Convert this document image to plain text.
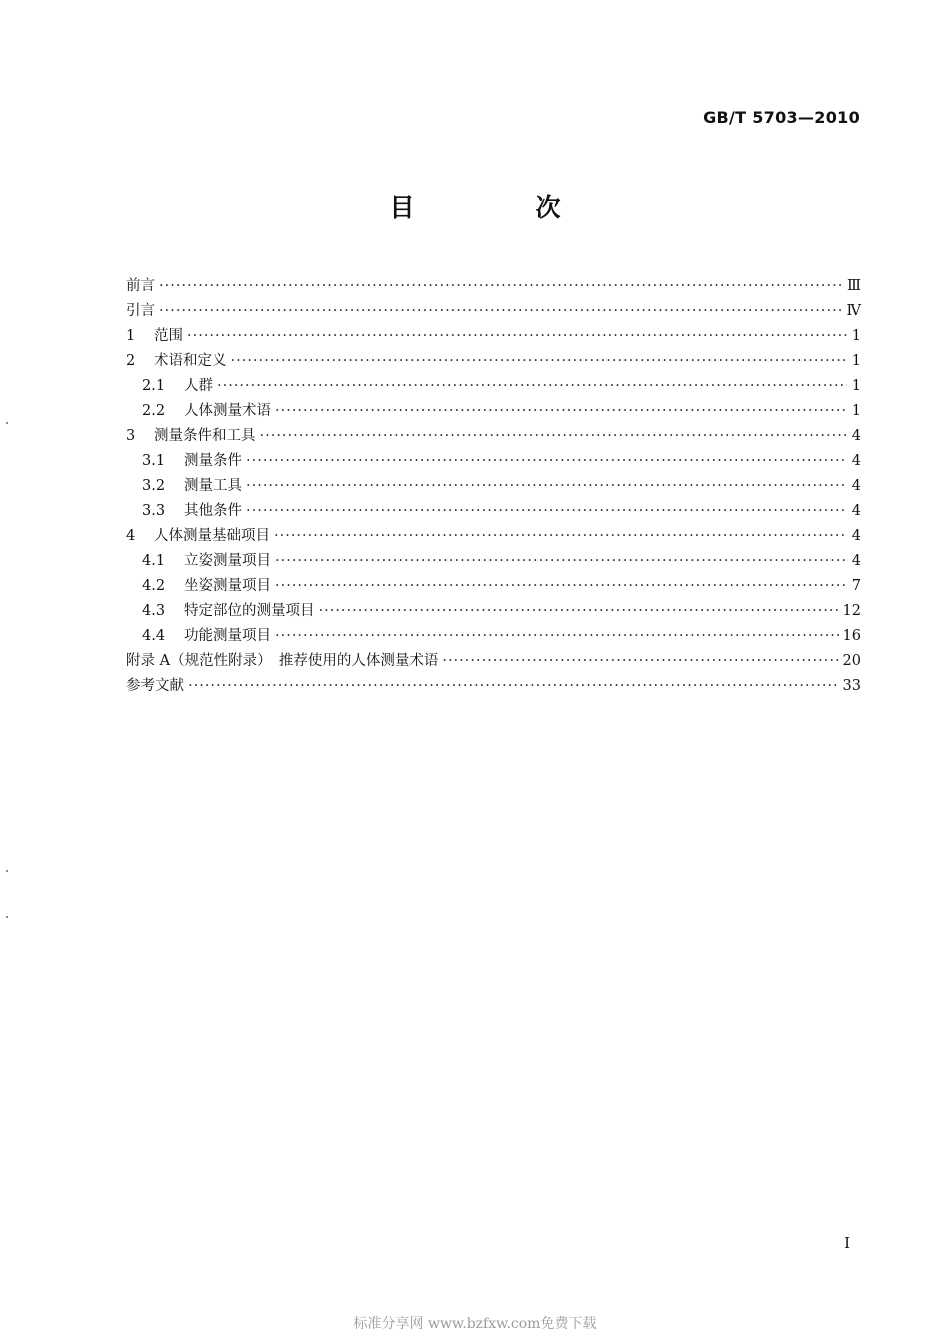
GB/T 5703—2010
目　次
前言 ·····	Ⅲ
引言 ·····	Ⅳ
1	范围 ·····	1
2	术语和定义 ·····	1
2.1	人群 ·····	1
2.2	人体测量术语 ·····	1
3	测量条件和工具 ·····	4
3.1	测量条件 ·····	4
3.2	测量工具 ·····	4
3.3	其他条件 ·····	4
4	人体测量基础项目 ·····	4
4.1	立姿测量项目 ·····	4
4.2	坐姿测量项目 ·····	7
4.3	特定部位的测量项目 ·····	12
4.4	功能测量项目 ·····	16
附录 A（规范性附录）　推荐使用的人体测量术语 ·····	20
参考文献 ·····	33
I
标准分享网 www.bzfxw.com免费下载
